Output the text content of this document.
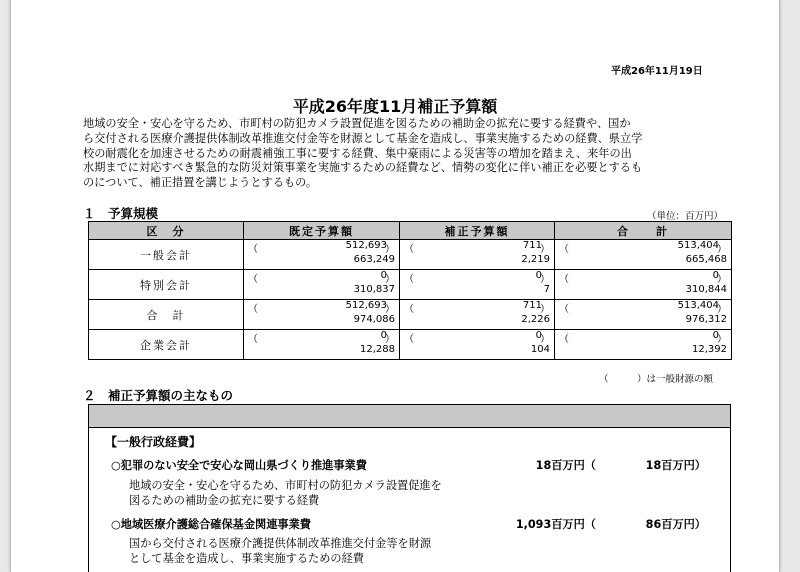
平成26年11月19日
平成26年度11月補正予算額
地域の安全・安心を守るため、市町村の防犯カメラ設置促進を図るための補助金の拡充に要する経費や、国か
ら交付される医療介護提供体制改革推進交付金等を財源として基金を造成し、事業実施するための経費、県立学
校の耐震化を加速させるための耐震補強工事に要する経費、集中豪雨による災害等の増加を踏まえ、来年の出
水期までに対応すべき緊急的な防災対策事業を実施するための経費など、情勢の変化に伴い補正を必要とするも
のについて、補正措置を講じようとするもの。
１　予算規模	（単位：百万円）
区　分	既定予算額	補正予算額	合　　計
一般会計	（ 512,693
）
663,249	（ 711
）
2,219	（ 513,404
）
665,468

特別会計	（ 0
）
310,837	（ 0
）
7	（ 0
）
310,844

合　計	（ 512,693
）
974,086	（ 711
）
2,226	（ 513,404
）
976,312

企業会計	（ 0
）
12,288	（ 0
）
104	（ 0
）
12,392
（　　　）は一般財源の額
２　補正予算額の主なもの
【一般行政経費】
○犯罪のない安全で安心な岡山県づくり推進事業費	18百万円（	18百万円）
地域の安全・安心を守るため、市町村の防犯カメラ設置促進を
図るための補助金の拡充に要する経費
○地域医療介護総合確保基金関連事業費	1,093百万円（	86百万円）
国から交付される医療介護提供体制改革推進交付金等を財源
として基金を造成し、事業実施するための経費
